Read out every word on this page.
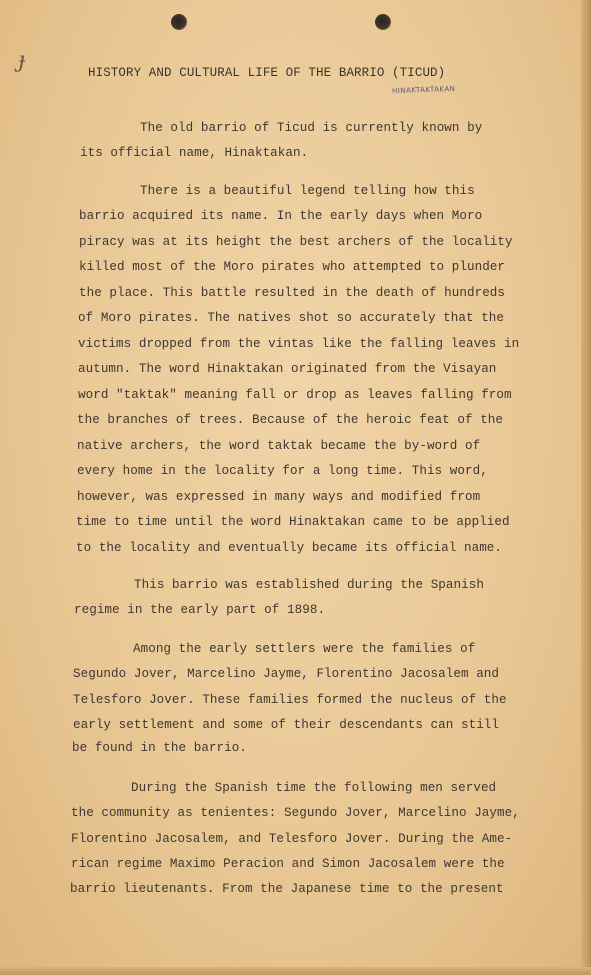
ɟ	HISTORY AND CULTURAL LIFE OF THE BARRIO (TICUD)
HINAKTAKTAKAN
The old barrio of Ticud is currently known by
its official name, Hinaktakan.
There is a beautiful legend telling how this
barrio acquired its name. In the early days when Moro
piracy was at its height the best archers of the locality
killed most of the Moro pirates who attempted to plunder
the place. This battle resulted in the death of hundreds
of Moro pirates. The natives shot so accurately that the
victims dropped from the vintas like the falling leaves in
autumn. The word Hinaktakan originated from the Visayan
word "taktak" meaning fall or drop as leaves falling from
the branches of trees. Because of the heroic feat of the
native archers, the word taktak became the by-word of
every home in the locality for a long time. This word,
however, was expressed in many ways and modified from
time to time until the word Hinaktakan came to be applied
to the locality and eventually became its official name.
This barrio was established during the Spanish
regime in the early part of 1898.
Among the early settlers were the families of
Segundo Jover, Marcelino Jayme, Florentino Jacosalem and
Telesforo Jover. These families formed the nucleus of the
early settlement and some of their descendants can still
be found in the barrio.
During the Spanish time the following men served
the community as tenientes: Segundo Jover, Marcelino Jayme,
Florentino Jacosalem, and Telesforo Jover. During the Ame-
rican regime Maximo Peracion and Simon Jacosalem were the
barrio lieutenants. From the Japanese time to the present
